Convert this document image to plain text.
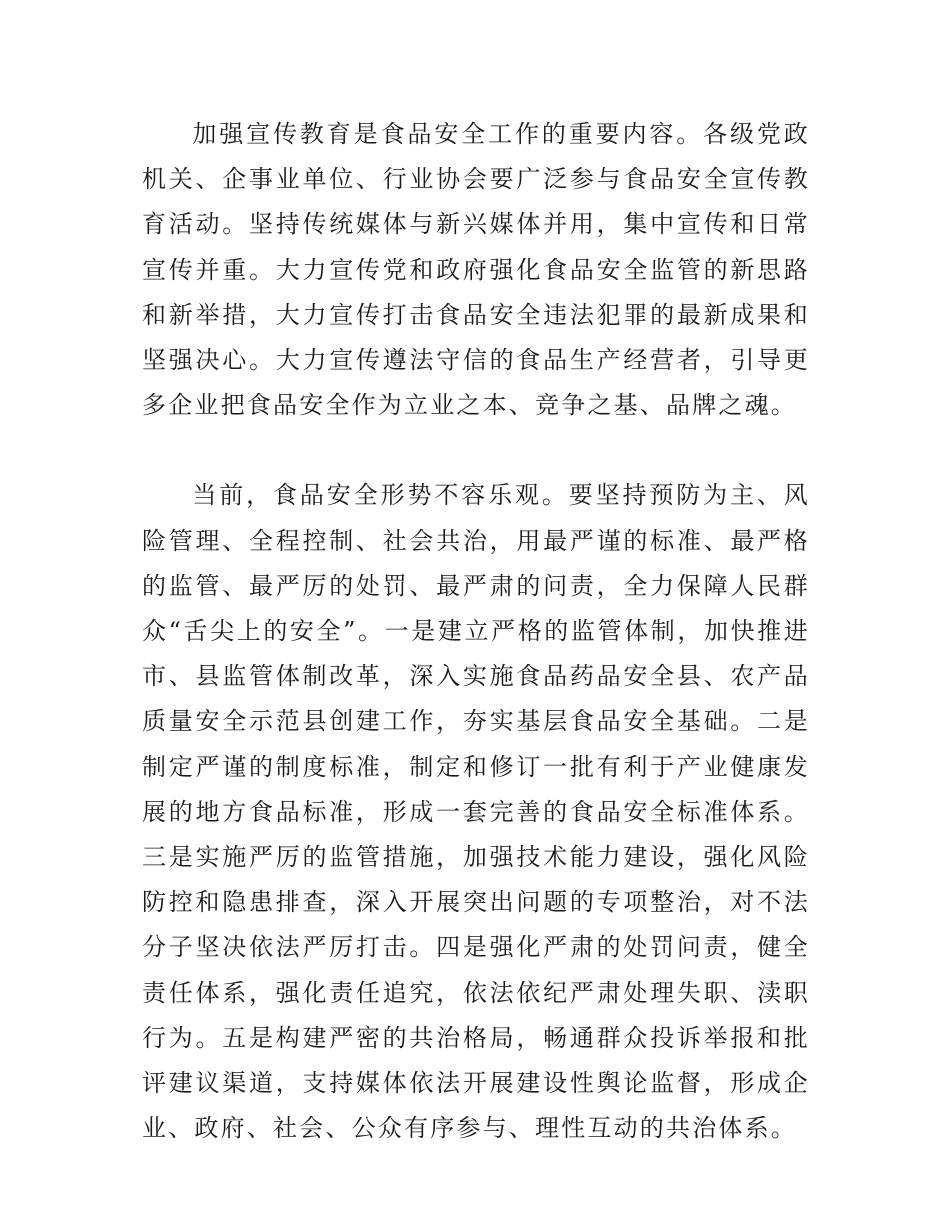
加强宣传教育是食品安全工作的重要内容。各级党政机关、企事业单位、行业协会要广泛参与食品安全宣传教育活动。坚持传统媒体与新兴媒体并用，集中宣传和日常宣传并重。大力宣传党和政府强化食品安全监管的新思路和新举措，大力宣传打击食品安全违法犯罪的最新成果和坚强决心。大力宣传遵法守信的食品生产经营者，引导更多企业把食品安全作为立业之本、竞争之基、品牌之魂。

当前，食品安全形势不容乐观。要坚持预防为主、风险管理、全程控制、社会共治，用最严谨的标准、最严格的监管、最严厉的处罚、最严肃的问责，全力保障人民群众“舌尖上的安全”。一是建立严格的监管体制，加快推进市、县监管体制改革，深入实施食品药品安全县、农产品质量安全示范县创建工作，夯实基层食品安全基础。二是制定严谨的制度标准，制定和修订一批有利于产业健康发展的地方食品标准，形成一套完善的食品安全标准体系。三是实施严厉的监管措施，加强技术能力建设，强化风险防控和隐患排查，深入开展突出问题的专项整治，对不法分子坚决依法严厉打击。四是强化严肃的处罚问责，健全责任体系，强化责任追究，依法依纪严肃处理失职、渎职行为。五是构建严密的共治格局，畅通群众投诉举报和批评建议渠道，支持媒体依法开展建设性舆论监督，形成企业、政府、社会、公众有序参与、理性互动的共治体系。
